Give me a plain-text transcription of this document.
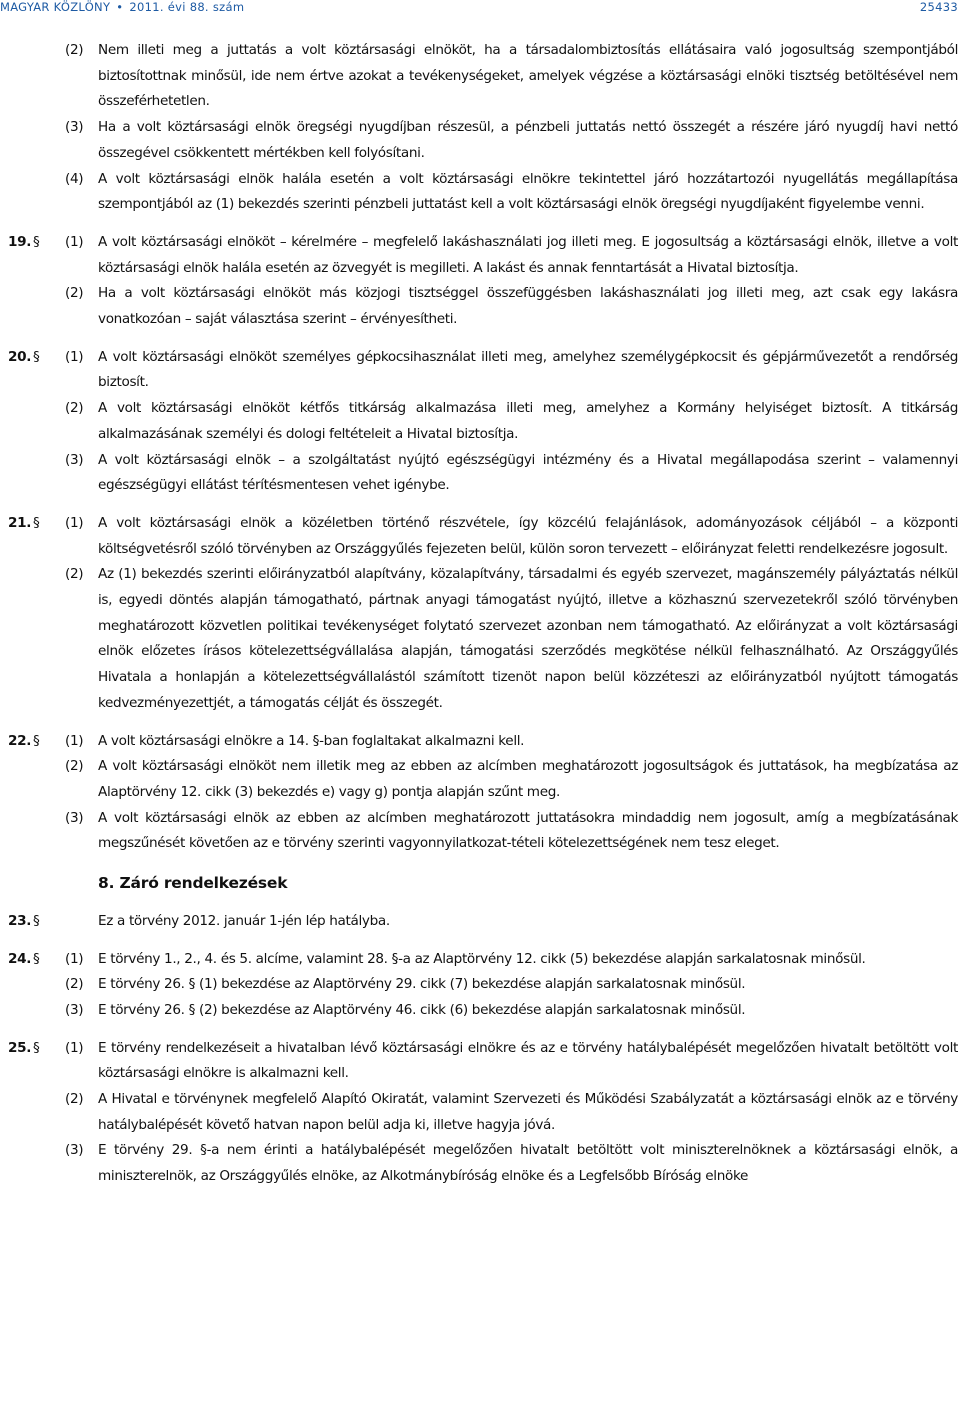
MAGYAR KÖZLÖNY • 2011. évi 88. szám	25433
(2) Nem illeti meg a juttatás a volt köztársasági elnököt, ha a társadalombiztosítás ellátásaira való jogosultság szempontjából biztosítottnak minősül, ide nem értve azokat a tevékenységeket, amelyek végzése a köztársasági elnöki tisztség betöltésével nem összeférhetetlen.
(3) Ha a volt köztársasági elnök öregségi nyugdíjban részesül, a pénzbeli juttatás nettó összegét a részére járó nyugdíj havi nettó összegével csökkentett mértékben kell folyósítani.
(4) A volt köztársasági elnök halála esetén a volt köztársasági elnökre tekintettel járó hozzátartozói nyugellátás megállapítása szempontjából az (1) bekezdés szerinti pénzbeli juttatást kell a volt köztársasági elnök öregségi nyugdíjaként figyelembe venni.
19. § (1) A volt köztársasági elnököt – kérelmére – megfelelő lakáshasználati jog illeti meg. E jogosultság a köztársasági elnök, illetve a volt köztársasági elnök halála esetén az özvegyét is megilleti. A lakást és annak fenntartását a Hivatal biztosítja.
(2) Ha a volt köztársasági elnököt más közjogi tisztséggel összefüggésben lakáshasználati jog illeti meg, azt csak egy lakásra vonatkozóan – saját választása szerint – érvényesítheti.
20. § (1) A volt köztársasági elnököt személyes gépkocsihasználat illeti meg, amelyhez személygépkocsit és gépjárművezetőt a rendőrség biztosít.
(2) A volt köztársasági elnököt kétfős titkárság alkalmazása illeti meg, amelyhez a Kormány helyiséget biztosít. A titkárság alkalmazásának személyi és dologi feltételeit a Hivatal biztosítja.
(3) A volt köztársasági elnök – a szolgáltatást nyújtó egészségügyi intézmény és a Hivatal megállapodása szerint – valamennyi egészségügyi ellátást térítésmentesen vehet igénybe.
21. § (1) A volt köztársasági elnök a közéletben történő részvétele, így közcélú felajánlások, adományozások céljából – a központi költségvetésről szóló törvényben az Országgyűlés fejezeten belül, külön soron tervezett – előirányzat feletti rendelkezésre jogosult.
(2) Az (1) bekezdés szerinti előirányzatból alapítvány, közalapítvány, társadalmi és egyéb szervezet, magánszemély pályáztatás nélkül is, egyedi döntés alapján támogatható, pártnak anyagi támogatást nyújtó, illetve a közhasznú szervezetekről szóló törvényben meghatározott közvetlen politikai tevékenységet folytató szervezet azonban nem támogatható. Az előirányzat a volt köztársasági elnök előzetes írásos kötelezettségvállalása alapján, támogatási szerződés megkötése nélkül felhasználható. Az Országgyűlés Hivatala a honlapján a kötelezettségvállalástól számított tizenöt napon belül közzéteszi az előirányzatból nyújtott támogatás kedvezményezettjét, a támogatás célját és összegét.
22. § (1) A volt köztársasági elnökre a 14. §-ban foglaltakat alkalmazni kell.
(2) A volt köztársasági elnököt nem illetik meg az ebben az alcímben meghatározott jogosultságok és juttatások, ha megbízatása az Alaptörvény 12. cikk (3) bekezdés e) vagy g) pontja alapján szűnt meg.
(3) A volt köztársasági elnök az ebben az alcímben meghatározott juttatásokra mindaddig nem jogosult, amíg a megbízatásának megszűnését követően az e törvény szerinti vagyonnyilatkozat-tételi kötelezettségének nem tesz eleget.
8. Záró rendelkezések
23. §	Ez a törvény 2012. január 1-jén lép hatályba.
24. § (1) E törvény 1., 2., 4. és 5. alcíme, valamint 28. §-a az Alaptörvény 12. cikk (5) bekezdése alapján sarkalatosnak minősül.
(2) E törvény 26. § (1) bekezdése az Alaptörvény 29. cikk (7) bekezdése alapján sarkalatosnak minősül.
(3) E törvény 26. § (2) bekezdése az Alaptörvény 46. cikk (6) bekezdése alapján sarkalatosnak minősül.
25. § (1) E törvény rendelkezéseit a hivatalban lévő köztársasági elnökre és az e törvény hatálybalépését megelőzően hivatalt betöltött volt köztársasági elnökre is alkalmazni kell.
(2) A Hivatal e törvénynek megfelelő Alapító Okiratát, valamint Szervezeti és Működési Szabályzatát a köztársasági elnök az e törvény hatálybalépését követő hatvan napon belül adja ki, illetve hagyja jóvá.
(3) E törvény 29. §-a nem érinti a hatálybalépését megelőzően hivatalt betöltött volt miniszterelnöknek a köztársasági elnök, a miniszterelnök, az Országgyűlés elnöke, az Alkotmánybíróság elnöke és a Legfelsőbb Bíróság elnöke
